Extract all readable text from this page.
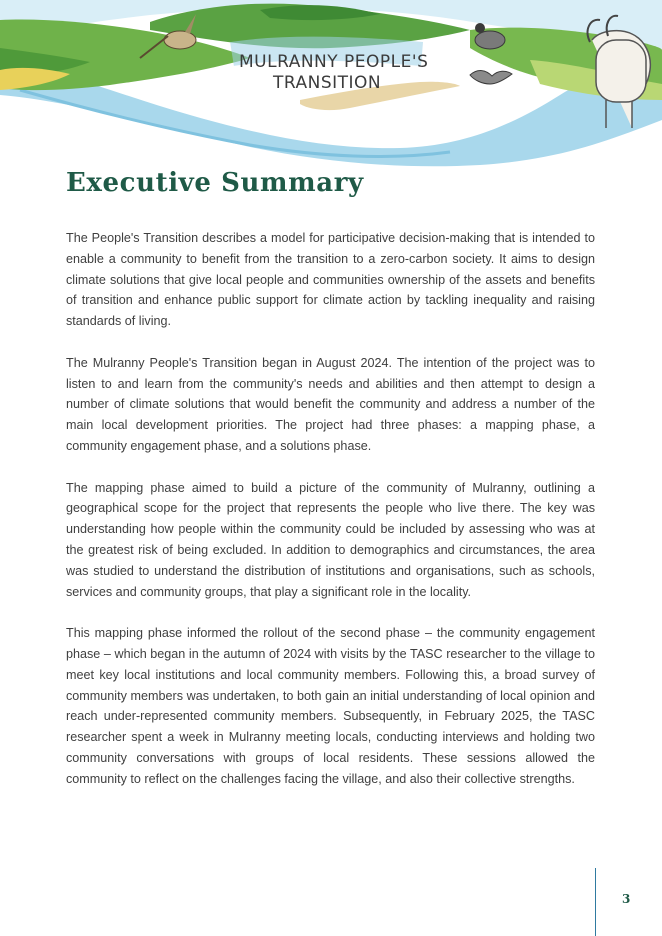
MULRANNY PEOPLE'S
TRANSITION
Executive Summary

The People's Transition describes a model for participative decision-making that is intended to enable a community to benefit from the transition to a zero-carbon society. It aims to design climate solutions that give local people and communities ownership of the assets and benefits of transition and enhance public support for climate action by tackling inequality and raising standards of living.

The Mulranny People's Transition began in August 2024. The intention of the project was to listen to and learn from the community's needs and abilities and then attempt to design a number of climate solutions that would benefit the community and address a number of the main local development priorities. The project had three phases: a mapping phase, a community engagement phase, and a solutions phase.

The mapping phase aimed to build a picture of the community of Mulranny, outlining a geographical scope for the project that represents the people who live there. The key was understanding how people within the community could be included by assessing who was at the greatest risk of being excluded. In addition to demographics and circumstances, the area was studied to understand the distribution of institutions and organisations, such as schools, services and community groups, that play a significant role in the locality.

This mapping phase informed the rollout of the second phase – the community engagement phase – which began in the autumn of 2024 with visits by the TASC researcher to the village to meet key local institutions and local community members. Following this, a broad survey of community members was undertaken, to both gain an initial understanding of local opinion and reach under-represented community members. Subsequently, in February 2025, the TASC researcher spent a week in Mulranny meeting locals, conducting interviews and holding two community conversations with groups of local residents. These sessions allowed the community to reflect on the challenges facing the village, and also their collective strengths.

3
